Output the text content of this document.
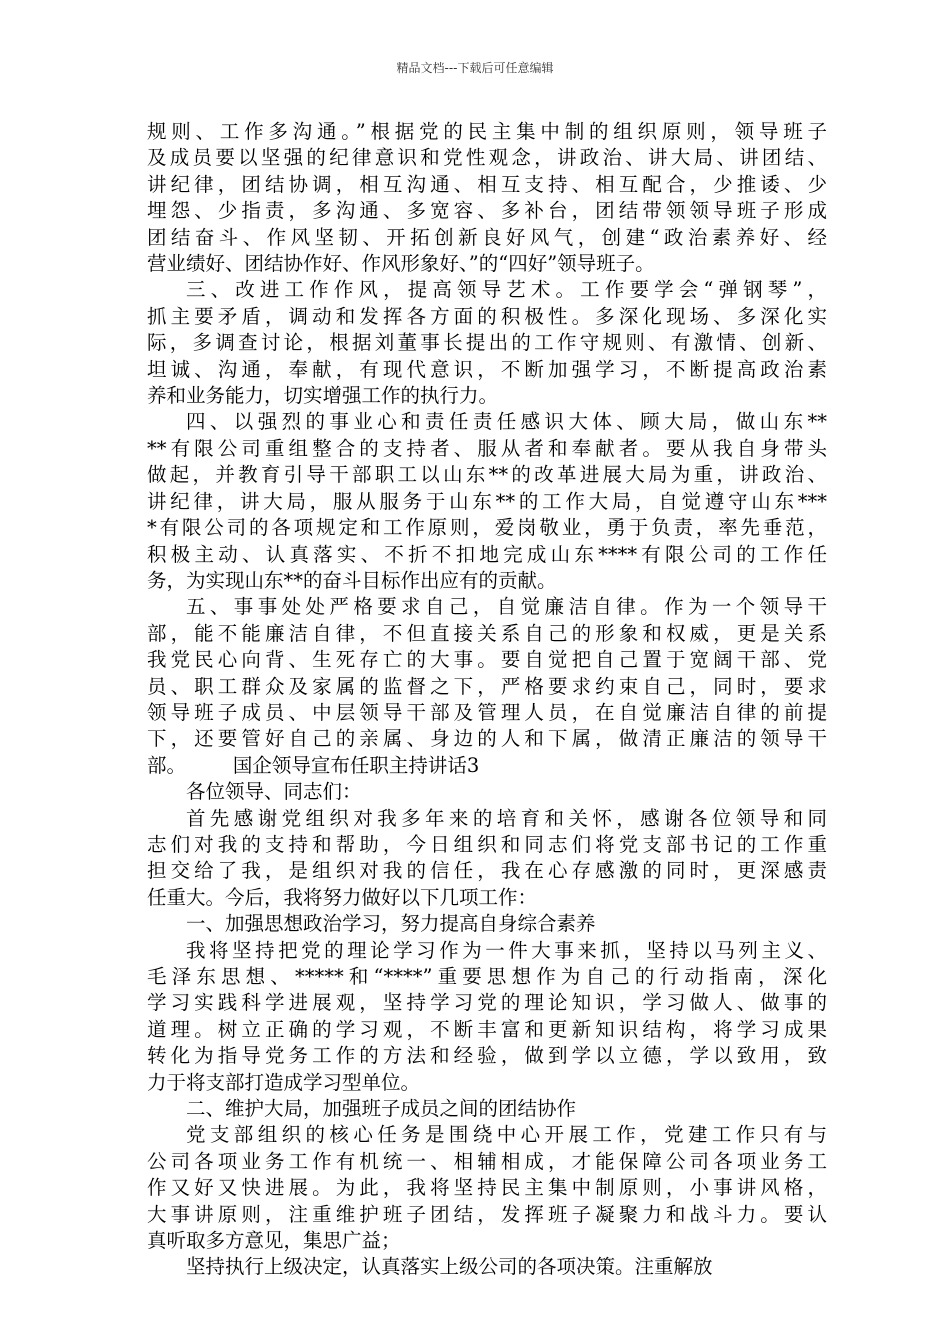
精品文档---下载后可任意编辑

规则、工作多沟通。”根据党的民主集中制的组织原则，领导班子

及成员要以坚强的纪律意识和党性观念，讲政治、讲大局、讲团结、

讲纪律，团结协调，相互沟通、相互支持、相互配合，少推诿、少

埋怨、少指责，多沟通、多宽容、多补台，团结带领领导班子形成

团结奋斗、作风坚韧、开拓创新良好风气，创建“政治素养好、经

营业绩好、团结协作好、作风形象好、”的“四好”领导班子。

三、改进工作作风，提高领导艺术。工作要学会“弹钢琴”，

抓主要矛盾，调动和发挥各方面的积极性。多深化现场、多深化实

际，多调查讨论，根据刘董事长提出的工作守规则、有激情、创新、

坦诚、沟通，奉献，有现代意识，不断加强学习，不断提高政治素

养和业务能力，切实增强工作的执行力。

四、以强烈的事业心和责任责任感识大体、顾大局，做山东**

**有限公司重组整合的支持者、服从者和奉献者。要从我自身带头

做起，并教育引导干部职工以山东**的改革进展大局为重，讲政治、

讲纪律，讲大局，服从服务于山东**的工作大局，自觉遵守山东***

*有限公司的各项规定和工作原则，爱岗敬业，勇于负责，率先垂范，

积极主动、认真落实、不折不扣地完成山东****有限公司的工作任

务，为实现山东**的奋斗目标作出应有的贡献。

五、事事处处严格要求自己，自觉廉洁自律。作为一个领导干

部，能不能廉洁自律，不但直接关系自己的形象和权威，更是关系

我党民心向背、生死存亡的大事。要自觉把自己置于宽阔干部、党

员、职工群众及家属的监督之下，严格要求约束自己，同时，要求

领导班子成员、中层领导干部及管理人员，在自觉廉洁自律的前提

下，还要管好自己的亲属、身边的人和下属，做清正廉洁的领导干

部。 国企领导宣布任职主持讲话3

各位领导、同志们：

首先感谢党组织对我多年来的培育和关怀，感谢各位领导和同

志们对我的支持和帮助，今日组织和同志们将党支部书记的工作重

担交给了我，是组织对我的信任，我在心存感激的同时，更深感责

任重大。今后，我将努力做好以下几项工作：

一、加强思想政治学习，努力提高自身综合素养

我将坚持把党的理论学习作为一件大事来抓，坚持以马列主义、

毛泽东思想、*****和“****”重要思想作为自己的行动指南，深化

学习实践科学进展观，坚持学习党的理论知识，学习做人、做事的

道理。树立正确的学习观，不断丰富和更新知识结构，将学习成果

转化为指导党务工作的方法和经验，做到学以立德，学以致用，致

力于将支部打造成学习型单位。

二、维护大局，加强班子成员之间的团结协作

党支部组织的核心任务是围绕中心开展工作，党建工作只有与

公司各项业务工作有机统一、相辅相成，才能保障公司各项业务工

作又好又快进展。为此，我将坚持民主集中制原则，小事讲风格，

大事讲原则，注重维护班子团结，发挥班子凝聚力和战斗力。要认

真听取多方意见，集思广益；

坚持执行上级决定，认真落实上级公司的各项决策。注重解放
